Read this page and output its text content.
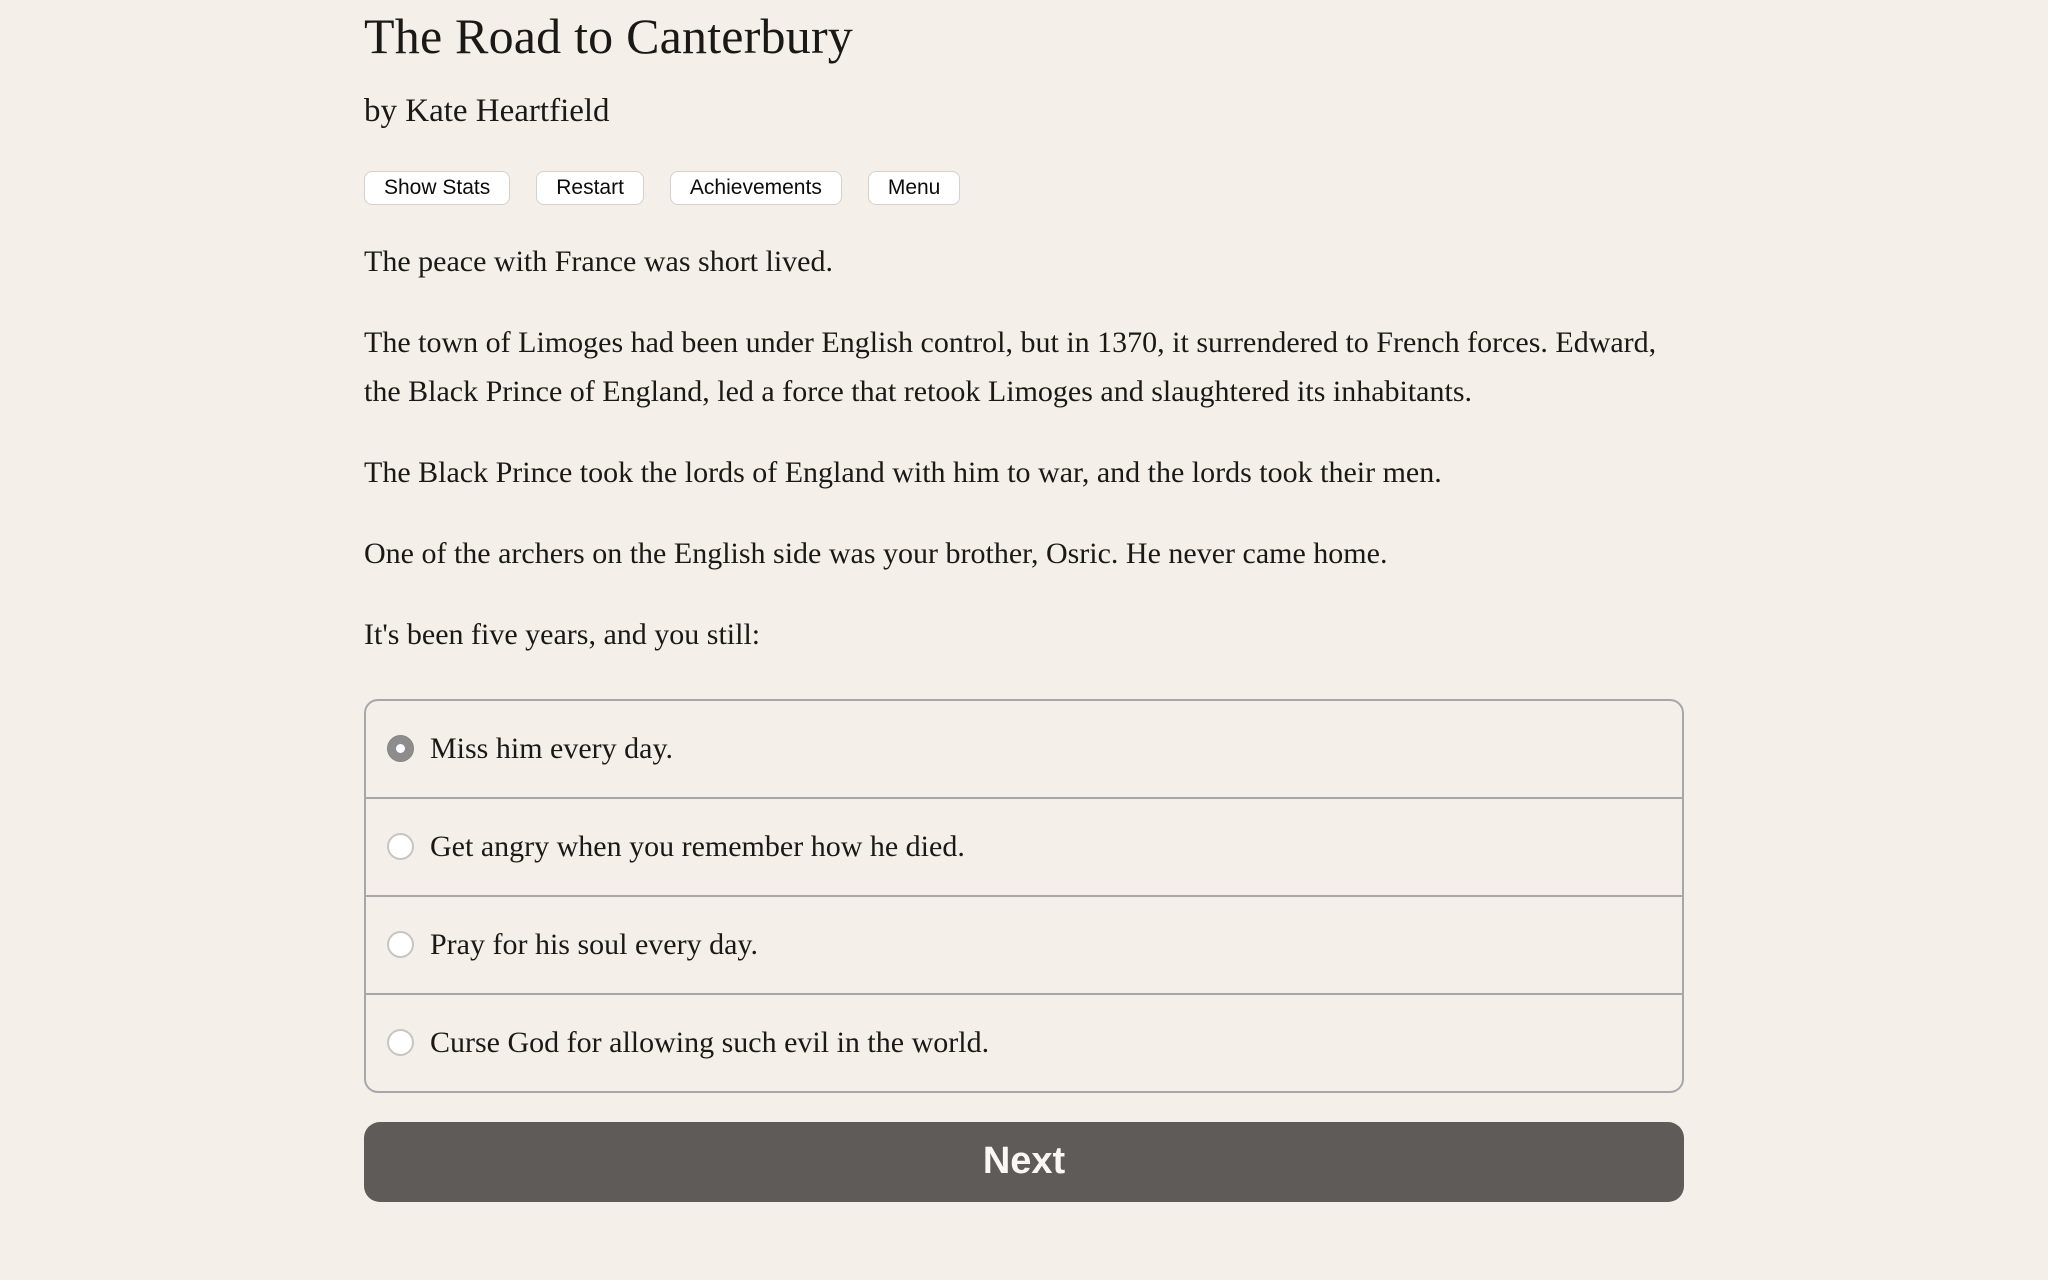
The Road to Canterbury
by Kate Heartfield
Show Stats	Restart	Achievements	Menu

The peace with France was short lived.

The town of Limoges had been under English control, but in 1370, it surrendered to French forces. Edward, the Black Prince of England, led a force that retook Limoges and slaughtered its inhabitants.

The Black Prince took the lords of England with him to war, and the lords took their men.

One of the archers on the English side was your brother, Osric. He never came home.

It's been five years, and you still:

Miss him every day.
Get angry when you remember how he died.
Pray for his soul every day.
Curse God for allowing such evil in the world.
Next
